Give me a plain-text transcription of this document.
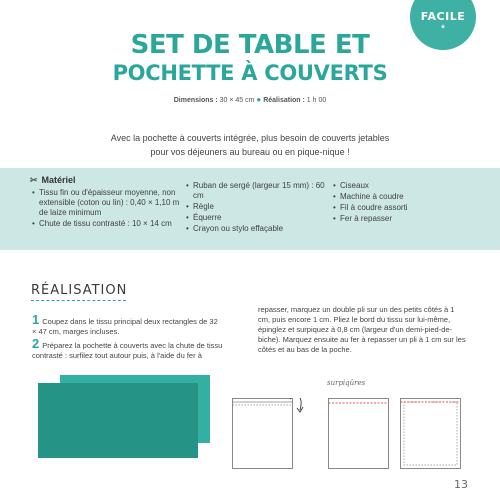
FACILE
*
SET DE TABLE ET
POCHETTE À COUVERTS
Dimensions : 30 × 45 cm ● Réalisation : 1 h 00
Avec la pochette à couverts intégrée, plus besoin de couverts jetables
pour vos déjeuners au bureau ou en pique-nique !
✂ Matériel
• Tissu fin ou d'épaisseur moyenne, non extensible (coton ou lin) : 0,40 × 1,10 m de laize minimum
• Chute de tissu contrasté : 10 × 14 cm
• Ruban de sergé (largeur 15 mm) : 60 cm
• Règle
• Équerre
• Crayon ou stylo effaçable
• Ciseaux
• Machine à coudre
• Fil à coudre assorti
• Fer à repasser
RÉALISATION
1 Coupez dans le tissu principal deux rectangles de 32 × 47 cm, marges incluses.
2 Préparez la pochette à couverts avec la chute de tissu contrasté : surfilez tout autour puis, à l'aide du fer à
repasser, marquez un double pli sur un des petits côtés à 1 cm, puis encore 1 cm. Pliez le bord du tissu sur lui-même, épinglez et surpiquez à 0,8 cm (largeur d'un demi-pied-de-biche). Marquez ensuite au fer à repasser un pli à 1 cm sur les côtés et au bas de la poche.
surpiqûres
13
